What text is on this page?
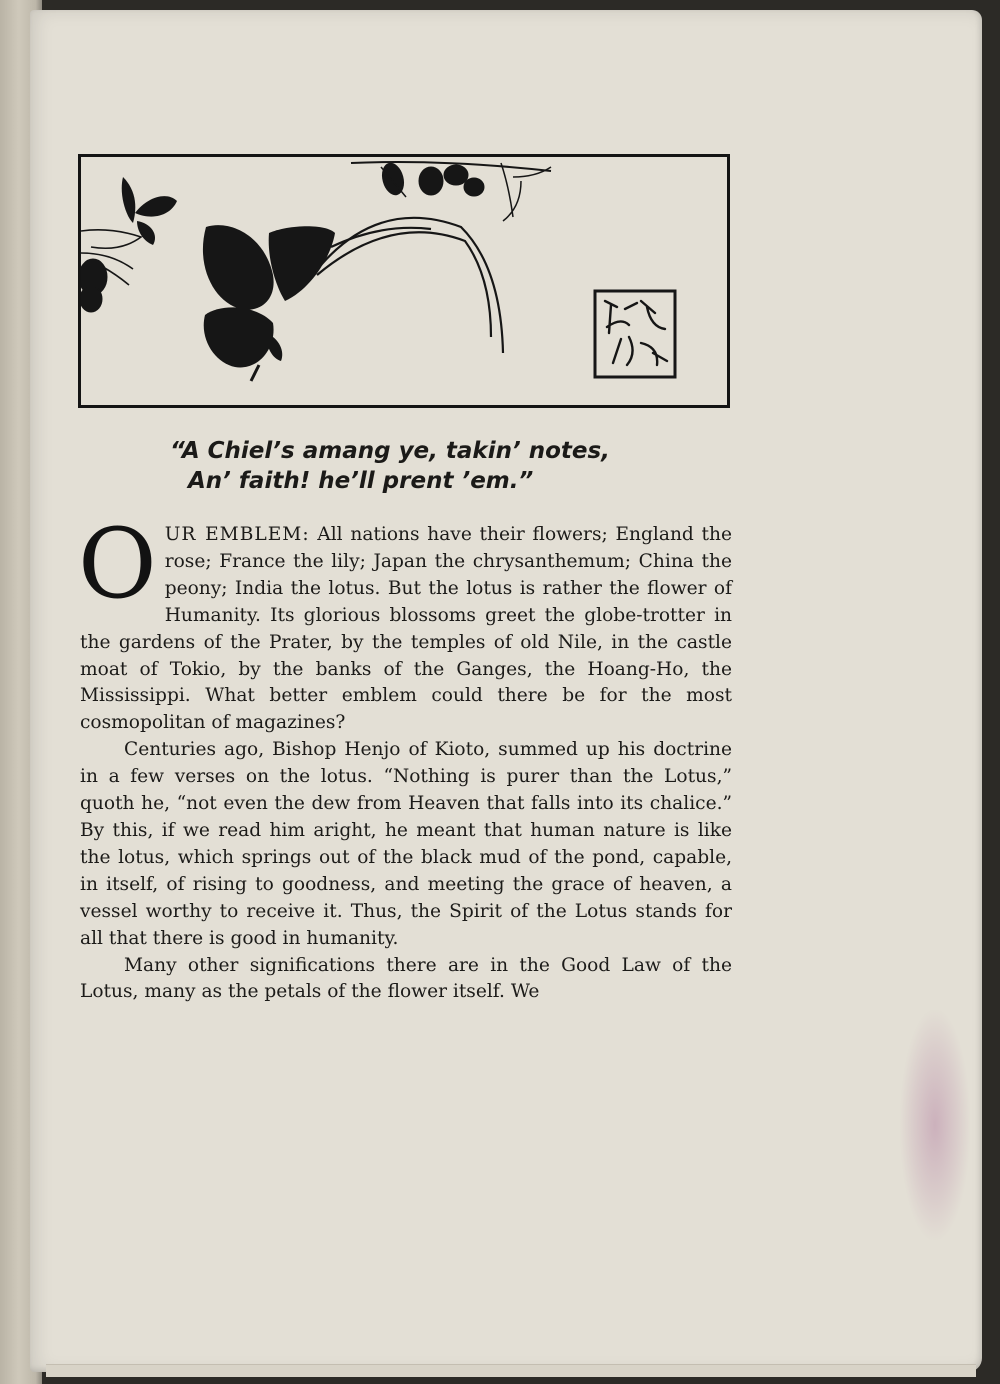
“A Chiel’s amang ye, takin’ notes,
An’ faith! he’ll prent ’em.”

OUR EMBLEM: All nations have their flowers; England the rose; France the lily; Japan the chrysanthemum; China the peony; India the lotus. But the lotus is rather the flower of Humanity. Its glorious blossoms greet the globe-trotter in the gardens of the Prater, by the temples of old Nile, in the castle moat of Tokio, by the banks of the Ganges, the Hoang-Ho, the Mississippi. What better emblem could there be for the most cosmopolitan of magazines?

Centuries ago, Bishop Henjo of Kioto, summed up his doctrine in a few verses on the lotus. “Nothing is purer than the Lotus,” quoth he, “not even the dew from Heaven that falls into its chalice.” By this, if we read him aright, he meant that human nature is like the lotus, which springs out of the black mud of the pond, capable, in itself, of rising to goodness, and meeting the grace of heaven, a vessel worthy to receive it. Thus, the Spirit of the Lotus stands for all that there is good in humanity.

Many other significations there are in the Good Law of the Lotus, many as the petals of the flower itself. We
